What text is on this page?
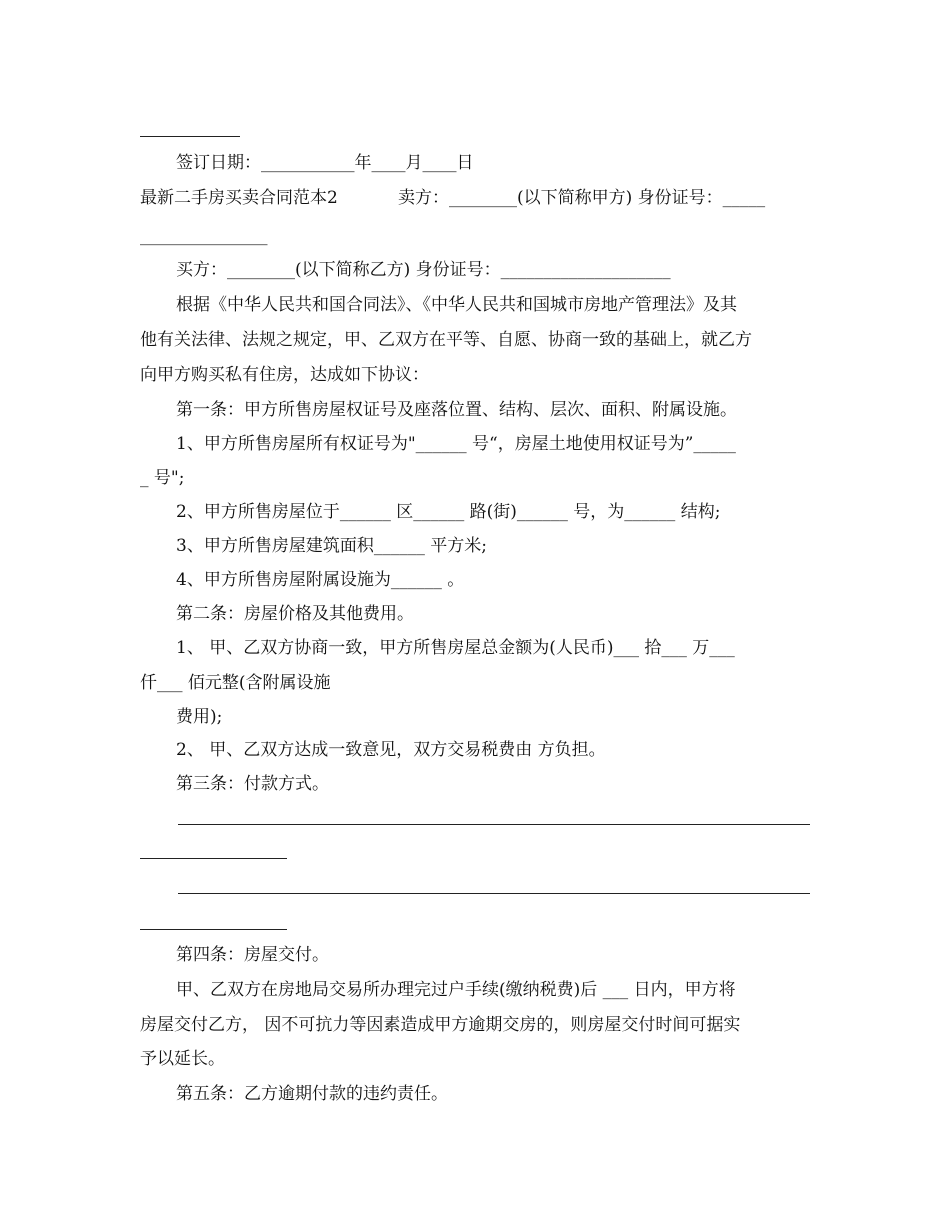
签订日期：___________年____月____日
最新二手房买卖合同范本2	卖方：________(以下简称甲方) 身份证号：_____
_______________
买方：________(以下简称乙方) 身份证号：____________________
根据《中华人民共和国合同法》、《中华人民共和国城市房地产管理法》及其
他有关法律、法规之规定，甲、乙双方在平等、自愿、协商一致的基础上，就乙方
向甲方购买私有住房，达成如下协议：
第一条：甲方所售房屋权证号及座落位置、结构、层次、面积、附属设施。
1、甲方所售房屋所有权证号为"______ 号“，房屋土地使用权证号为”_____
_ 号";
2、甲方所售房屋位于______ 区______ 路(街)______ 号，为______ 结构;
3、甲方所售房屋建筑面积______ 平方米;
4、甲方所售房屋附属设施为______ 。
第二条：房屋价格及其他费用。
1、 甲、乙双方协商一致，甲方所售房屋总金额为(人民币)___ 拾___ 万___
仟___ 佰元整(含附属设施
费用);
2、 甲、乙双方达成一致意见，双方交易税费由 方负担。
第三条：付款方式。
第四条：房屋交付。
甲、乙双方在房地局交易所办理完过户手续(缴纳税费)后 ___ 日内，甲方将
房屋交付乙方， 因不可抗力等因素造成甲方逾期交房的，则房屋交付时间可据实
予以延长。
第五条：乙方逾期付款的违约责任。
